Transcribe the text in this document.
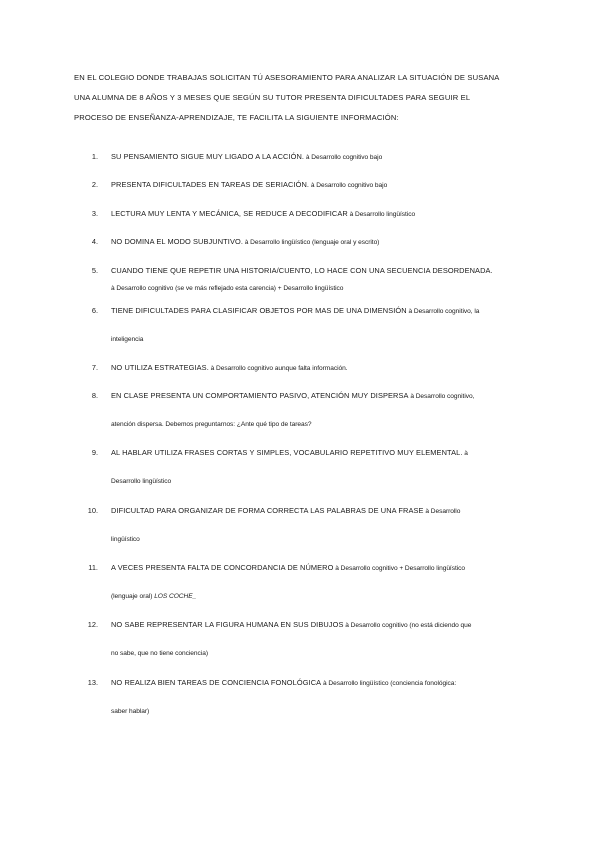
EN EL COLEGIO DONDE TRABAJAS SOLICITAN TÚ ASESORAMIENTO PARA ANALIZAR LA SITUACIÓN DE SUSANA
UNA ALUMNA DE 8 AÑOS Y 3 MESES QUE SEGÚN SU TUTOR PRESENTA DIFICULTADES PARA SEGUIR EL
PROCESO DE ENSEÑANZA-APRENDIZAJE, TE FACILITA LA SIGUIENTE INFORMACIÓN:
1. SU PENSAMIENTO SIGUE MUY LIGADO A LA ACCIÓN. à Desarrollo cognitivo bajo
2. PRESENTA DIFICULTADES EN TAREAS DE SERIACIÓN. à Desarrollo cognitivo bajo
3. LECTURA MUY LENTA Y MECÁNICA, SE REDUCE A DECODIFICAR à Desarrollo lingüístico
4. NO DOMINA EL MODO SUBJUNTIVO. à Desarrollo lingüístico (lenguaje oral y escrito)
5. CUANDO TIENE QUE REPETIR UNA HISTORIA/CUENTO, LO HACE CON UNA SECUENCIA DESORDENADA.
à Desarrollo cognitivo (se ve más reflejado esta carencia) + Desarrollo lingüístico
6. TIENE DIFICULTADES PARA CLASIFICAR OBJETOS POR MAS DE UNA DIMENSIÓN à Desarrollo cognitivo, la
inteligencia
7. NO UTILIZA ESTRATEGIAS. à Desarrollo cognitivo aunque falta información.
8. EN CLASE PRESENTA UN COMPORTAMIENTO PASIVO, ATENCIÓN MUY DISPERSA à Desarrollo cognitivo,
atención dispersa. Debemos preguntarnos: ¿Ante qué tipo de tareas?
9. AL HABLAR UTILIZA FRASES CORTAS Y SIMPLES, VOCABULARIO REPETITIVO MUY ELEMENTAL. à
Desarrollo lingüístico
10. DIFICULTAD PARA ORGANIZAR DE FORMA CORRECTA LAS PALABRAS DE UNA FRASE à Desarrollo
lingüístico
11. A VECES PRESENTA FALTA DE CONCORDANCIA DE NÚMERO à Desarrollo cognitivo + Desarrollo lingüístico
(lenguaje oral) LOS COCHE_
12. NO SABE REPRESENTAR LA FIGURA HUMANA EN SUS DIBUJOS à Desarrollo cognitivo (no está diciendo que
no sabe, que no tiene conciencia)
13. NO REALIZA BIEN TAREAS DE CONCIENCIA FONOLÓGICA à Desarrollo lingüístico (conciencia fonológica:
saber hablar)
